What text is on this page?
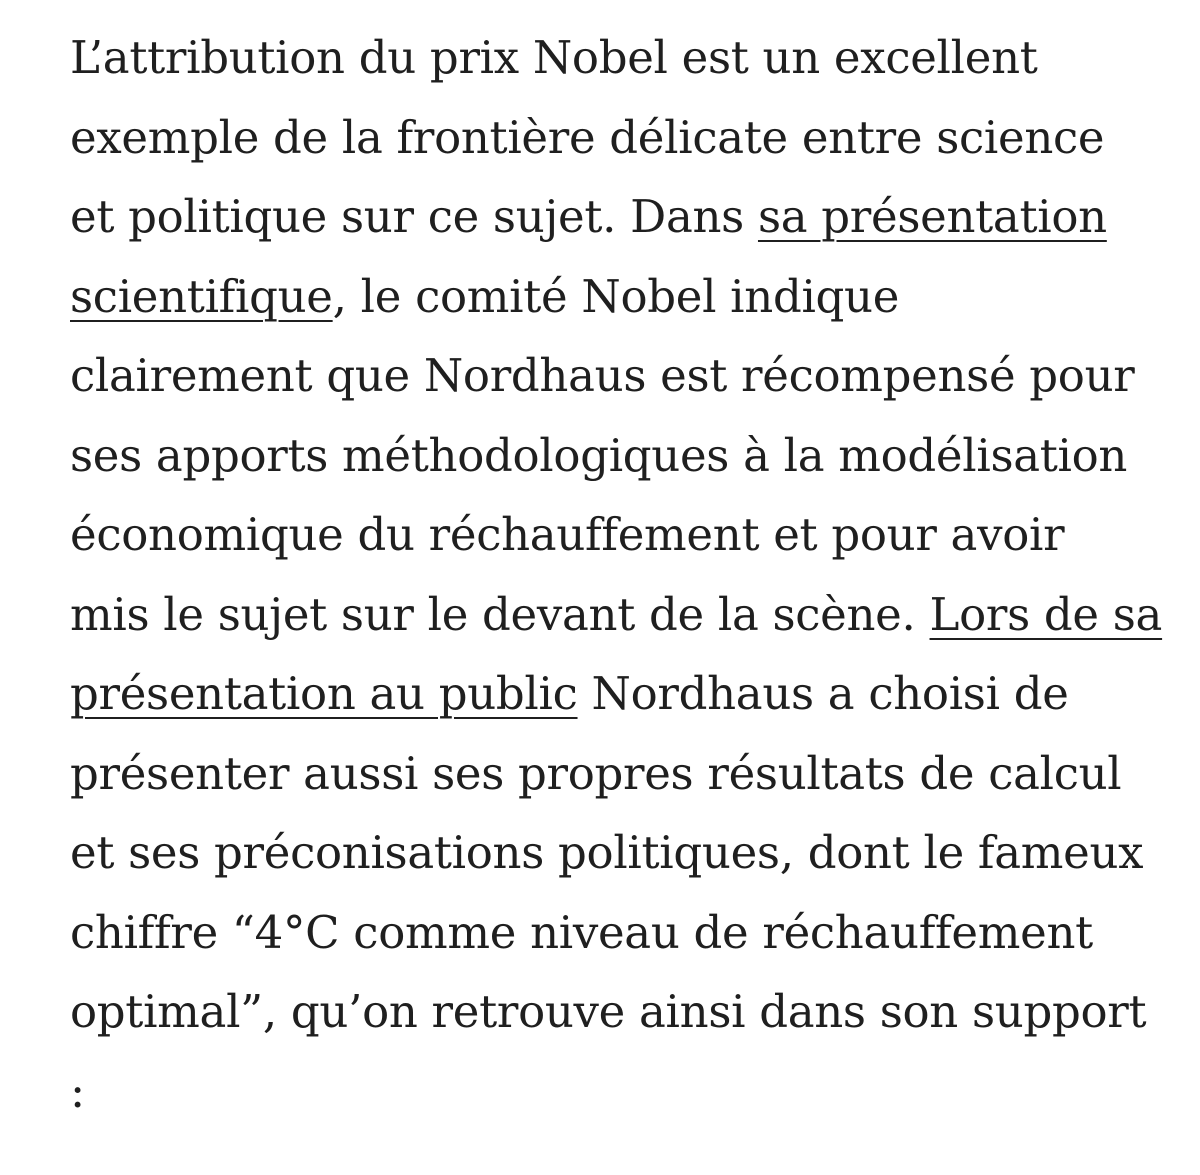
L’attribution du prix Nobel est un excellent
exemple de la frontière délicate entre science
et politique sur ce sujet. Dans sa présentation
scientifique, le comité Nobel indique
clairement que Nordhaus est récompensé pour
ses apports méthodologiques à la modélisation
économique du réchauffement et pour avoir
mis le sujet sur le devant de la scène. Lors de sa
présentation au public Nordhaus a choisi de
présenter aussi ses propres résultats de calcul
et ses préconisations politiques, dont le fameux
chiffre “4°C comme niveau de réchauffement
optimal”, qu’on retrouve ainsi dans son support
:
